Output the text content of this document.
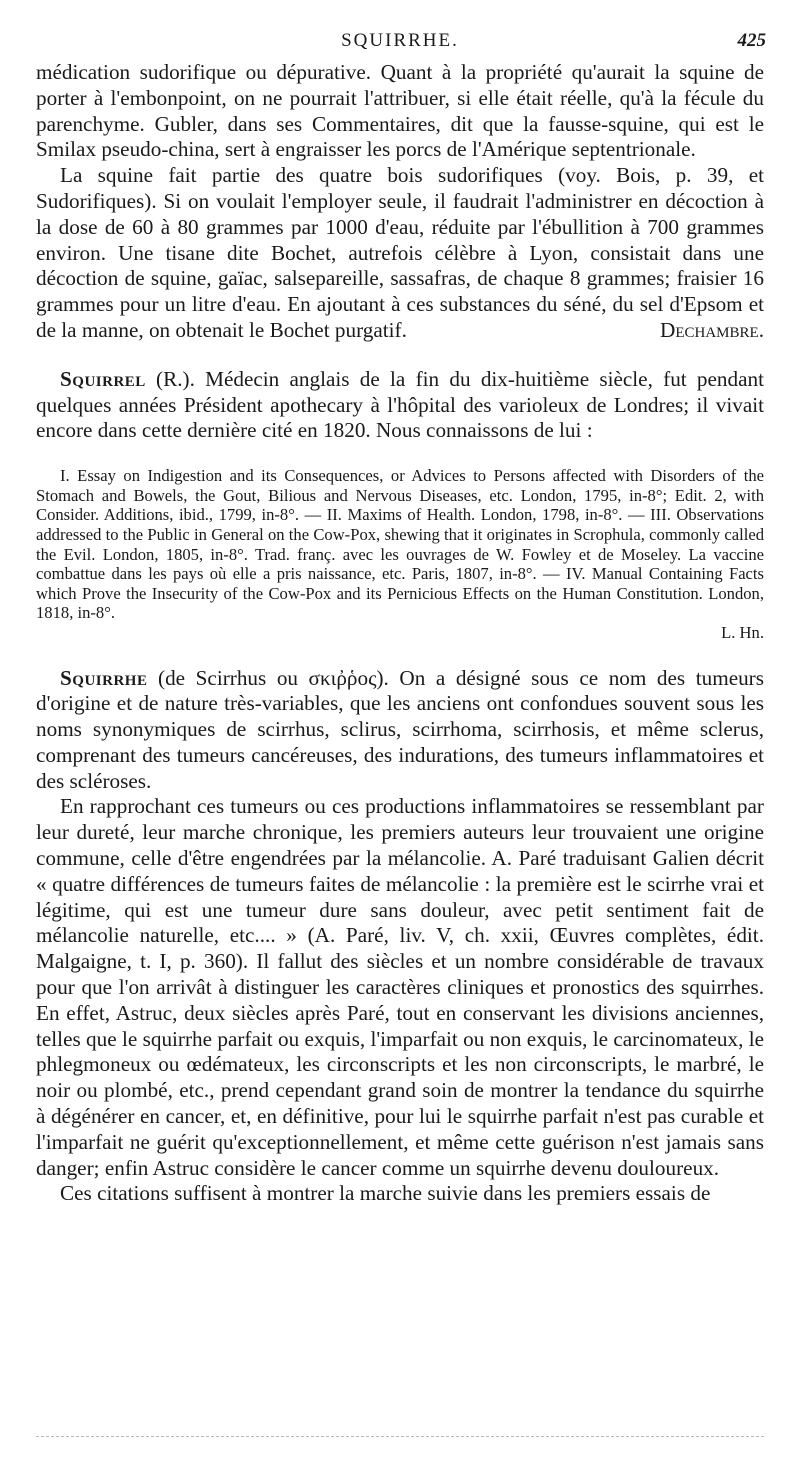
SQUIRRHE.	425

médication sudorifique ou dépurative. Quant à la propriété qu'aurait la squine de porter à l'embonpoint, on ne pourrait l'attribuer, si elle était réelle, qu'à la fécule du parenchyme. Gubler, dans ses Commentaires, dit que la fausse-squine, qui est le Smilax pseudo-china, sert à engraisser les porcs de l'Amérique septentrionale.

La squine fait partie des quatre bois sudorifiques (voy. Bois, p. 39, et Sudorifiques). Si on voulait l'employer seule, il faudrait l'administrer en décoction à la dose de 60 à 80 grammes par 1000 d'eau, réduite par l'ébullition à 700 grammes environ. Une tisane dite Bochet, autrefois célèbre à Lyon, consistait dans une décoction de squine, gaïac, salsepareille, sassafras, de chaque 8 grammes; fraisier 16 grammes pour un litre d'eau. En ajoutant à ces substances du séné, du sel d'Epsom et de la manne, on obtenait le Bochet purgatif.	Dechambre.

Squirrel (R.). Médecin anglais de la fin du dix-huitième siècle, fut pendant quelques années Président apothecary à l'hôpital des varioleux de Londres; il vivait encore dans cette dernière cité en 1820. Nous connaissons de lui :

I. Essay on Indigestion and its Consequences, or Advices to Persons affected with Disorders of the Stomach and Bowels, the Gout, Bilious and Nervous Diseases, etc. London, 1795, in-8°; Edit. 2, with Consider. Additions, ibid., 1799, in-8°. — II. Maxims of Health. London, 1798, in-8°. — III. Observations addressed to the Public in General on the Cow-Pox, shewing that it originates in Scrophula, commonly called the Evil. London, 1805, in-8°. Trad. franç. avec les ouvrages de W. Fowley et de Moseley. La vaccine combattue dans les pays où elle a pris naissance, etc. Paris, 1807, in-8°. — IV. Manual Containing Facts which Prove the Insecurity of the Cow-Pox and its Pernicious Effects on the Human Constitution. London, 1818, in-8°.

L. Hn.

Squirrhe (de Scirrhus ou σκιῤῥος). On a désigné sous ce nom des tumeurs d'origine et de nature très-variables, que les anciens ont confondues souvent sous les noms synonymiques de scirrhus, sclirus, scirrhoma, scirrhosis, et même sclerus, comprenant des tumeurs cancéreuses, des indurations, des tumeurs inflammatoires et des scléroses.

En rapprochant ces tumeurs ou ces productions inflammatoires se ressemblant par leur dureté, leur marche chronique, les premiers auteurs leur trouvaient une origine commune, celle d'être engendrées par la mélancolie. A. Paré traduisant Galien décrit « quatre différences de tumeurs faites de mélancolie : la première est le scirrhe vrai et légitime, qui est une tumeur dure sans douleur, avec petit sentiment fait de mélancolie naturelle, etc.... » (A. Paré, liv. V, ch. xxii, Œuvres complètes, édit. Malgaigne, t. I, p. 360). Il fallut des siècles et un nombre considérable de travaux pour que l'on arrivât à distinguer les caractères cliniques et pronostics des squirrhes. En effet, Astruc, deux siècles après Paré, tout en conservant les divisions anciennes, telles que le squirrhe parfait ou exquis, l'imparfait ou non exquis, le carcinomateux, le phlegmoneux ou œdémateux, les circonscripts et les non circonscripts, le marbré, le noir ou plombé, etc., prend cependant grand soin de montrer la tendance du squirrhe à dégénérer en cancer, et, en définitive, pour lui le squirrhe parfait n'est pas curable et l'imparfait ne guérit qu'exceptionnellement, et même cette guérison n'est jamais sans danger; enfin Astruc considère le cancer comme un squirrhe devenu douloureux.

Ces citations suffisent à montrer la marche suivie dans les premiers essais de
